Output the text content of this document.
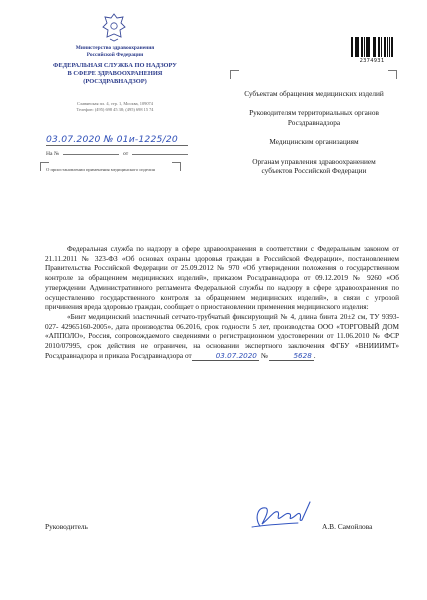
Министерство здравоохранения
Российской Федерации
ФЕДЕРАЛЬНАЯ СЛУЖБА ПО НАДЗОРУ
В СФЕРЕ ЗДРАВООХРАНЕНИЯ
(РОСЗДРАВНАДЗОР)
Славянская пл. 4, стр. 1, Москва, 109074
Телефон: (495) 698 45 38; (495) 698 15 74
03.07.2020 № 01и-1225/20
На №	от
О приостановлении применения медицинского изделия
2374931
Субъектам обращения медицинских изделий
Руководителям территориальных органов Росздравнадзора
Медицинским организациям
Органам управления здравоохранением субъектов Российской Федерации

Федеральная служба по надзору в сфере здравоохранения в соответствии с Федеральным законом от 21.11.2011 № 323-ФЗ «Об основах охраны здоровья граждан в Российской Федерации», постановлением Правительства Российской Федерации от 25.09.2012 № 970 «Об утверждении положения о государственном контроле за обращением медицинских изделий», приказом Росздравнадзора от 09.12.2019 № 9260 «Об утверждении Административного регламента Федеральной службы по надзору в сфере здравоохранения по осуществлению государственного контроля за обращением медицинских изделий», в связи с угрозой причинения вреда здоровью граждан, сообщает о приостановлении применения медицинского изделия:

«Бинт медицинский эластичный сетчато-трубчатый фиксирующий № 4, длина бинта 20±2 см, ТУ 9393-027- 42965160-2005», дата производства 06.2016, срок годности 5 лет, производства ООО «ТОРГОВЫЙ ДОМ «АППОЛО», Россия, сопровождаемого сведениями о регистрационном удостоверении от 11.06.2010 № ФСР 2010/07995, срок действия не ограничен, на основании экспертного заключения ФГБУ «ВНИИИМТ» Росздравнадзора и приказа Росздравнадзора от	03.07.2020 №	5628 .

Руководитель	А.В. Самойлова
